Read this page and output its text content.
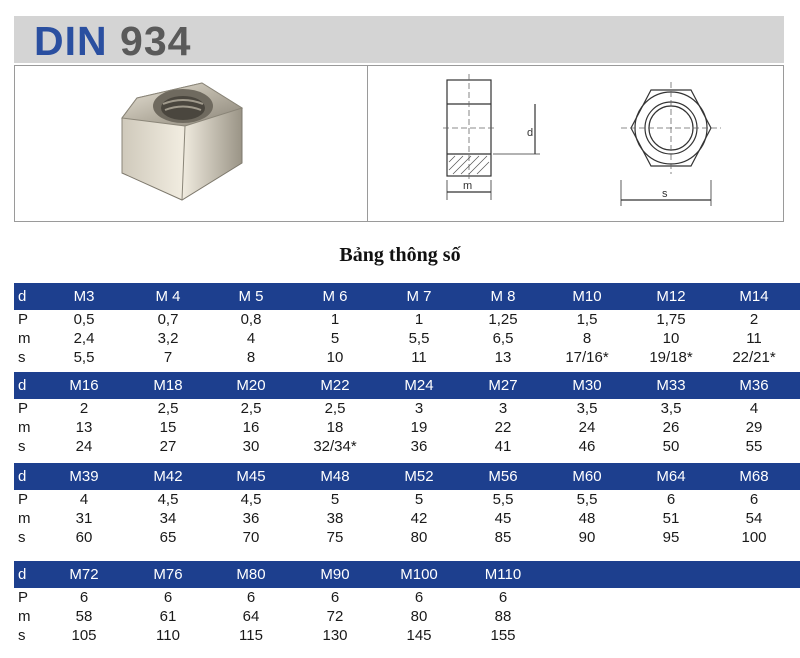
DIN 934
m
d
s
Bảng thông số
d	M3	M 4	M 5	M 6	M 7	M 8	M10	M12	M14
P	0,5	0,7	0,8	1	1	1,25	1,5	1,75	2
m	2,4	3,2	4	5	5,5	6,5	8	10	11
s	5,5	7	8	10	11	13	17/16*	19/18*	22/21*
d	M16	M18	M20	M22	M24	M27	M30	M33	M36
P	2	2,5	2,5	2,5	3	3	3,5	3,5	4
m	13	15	16	18	19	22	24	26	29
s	24	27	30	32/34*	36	41	46	50	55
d	M39	M42	M45	M48	M52	M56	M60	M64	M68
P	4	4,5	4,5	5	5	5,5	5,5	6	6
m	31	34	36	38	42	45	48	51	54
s	60	65	70	75	80	85	90	95	100
d	M72	M76	M80	M90	M100	M110
P	6	6	6	6	6	6
m	58	61	64	72	80	88
s	105	110	115	130	145	155
